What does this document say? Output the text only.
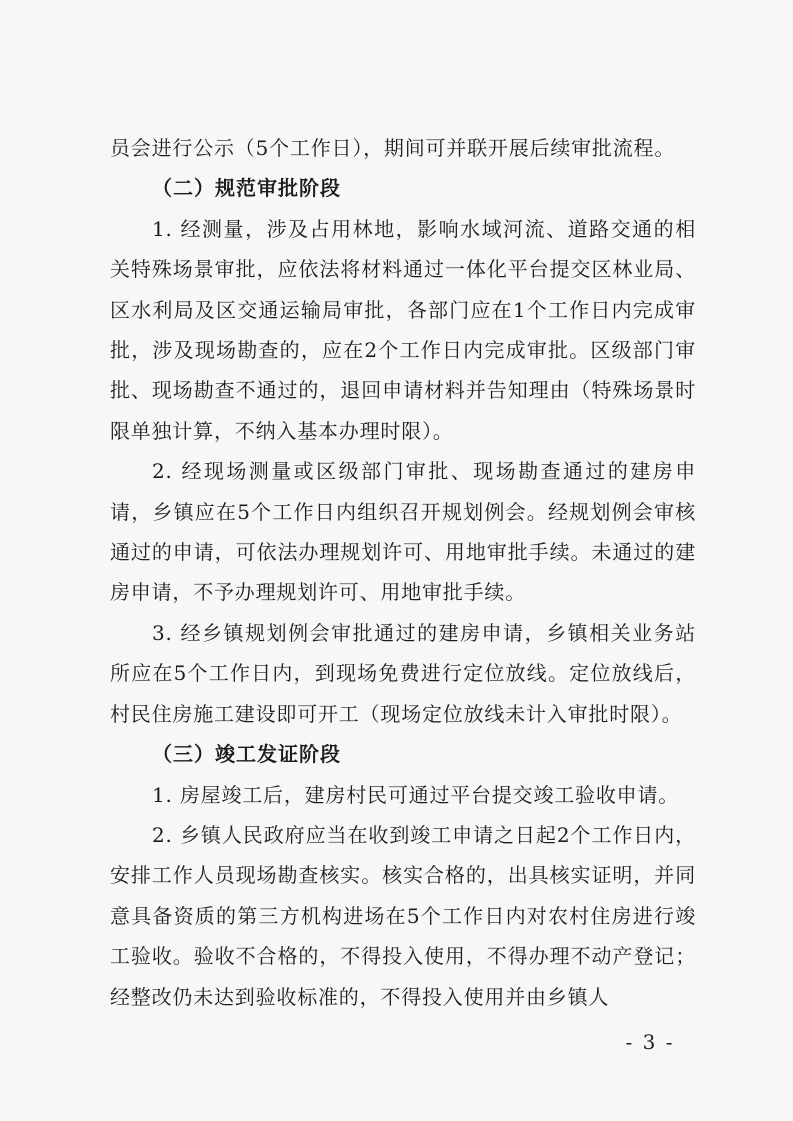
员会进行公示（5个工作日），期间可并联开展后续审批流程。

（二）规范审批阶段

1. 经测量，涉及占用林地，影响水域河流、道路交通的相关特殊场景审批，应依法将材料通过一体化平台提交区林业局、区水利局及区交通运输局审批，各部门应在1个工作日内完成审批，涉及现场勘查的，应在2个工作日内完成审批。区级部门审批、现场勘查不通过的，退回申请材料并告知理由（特殊场景时限单独计算，不纳入基本办理时限）。

2. 经现场测量或区级部门审批、现场勘查通过的建房申请，乡镇应在5个工作日内组织召开规划例会。经规划例会审核通过的申请，可依法办理规划许可、用地审批手续。未通过的建房申请，不予办理规划许可、用地审批手续。

3. 经乡镇规划例会审批通过的建房申请，乡镇相关业务站所应在5个工作日内，到现场免费进行定位放线。定位放线后，村民住房施工建设即可开工（现场定位放线未计入审批时限）。

（三）竣工发证阶段

1. 房屋竣工后，建房村民可通过平台提交竣工验收申请。

2. 乡镇人民政府应当在收到竣工申请之日起2个工作日内，安排工作人员现场勘查核实。核实合格的，出具核实证明，并同意具备资质的第三方机构进场在5个工作日内对农村住房进行竣工验收。验收不合格的，不得投入使用，不得办理不动产登记；经整改仍未达到验收标准的，不得投入使用并由乡镇人

- 3 -
